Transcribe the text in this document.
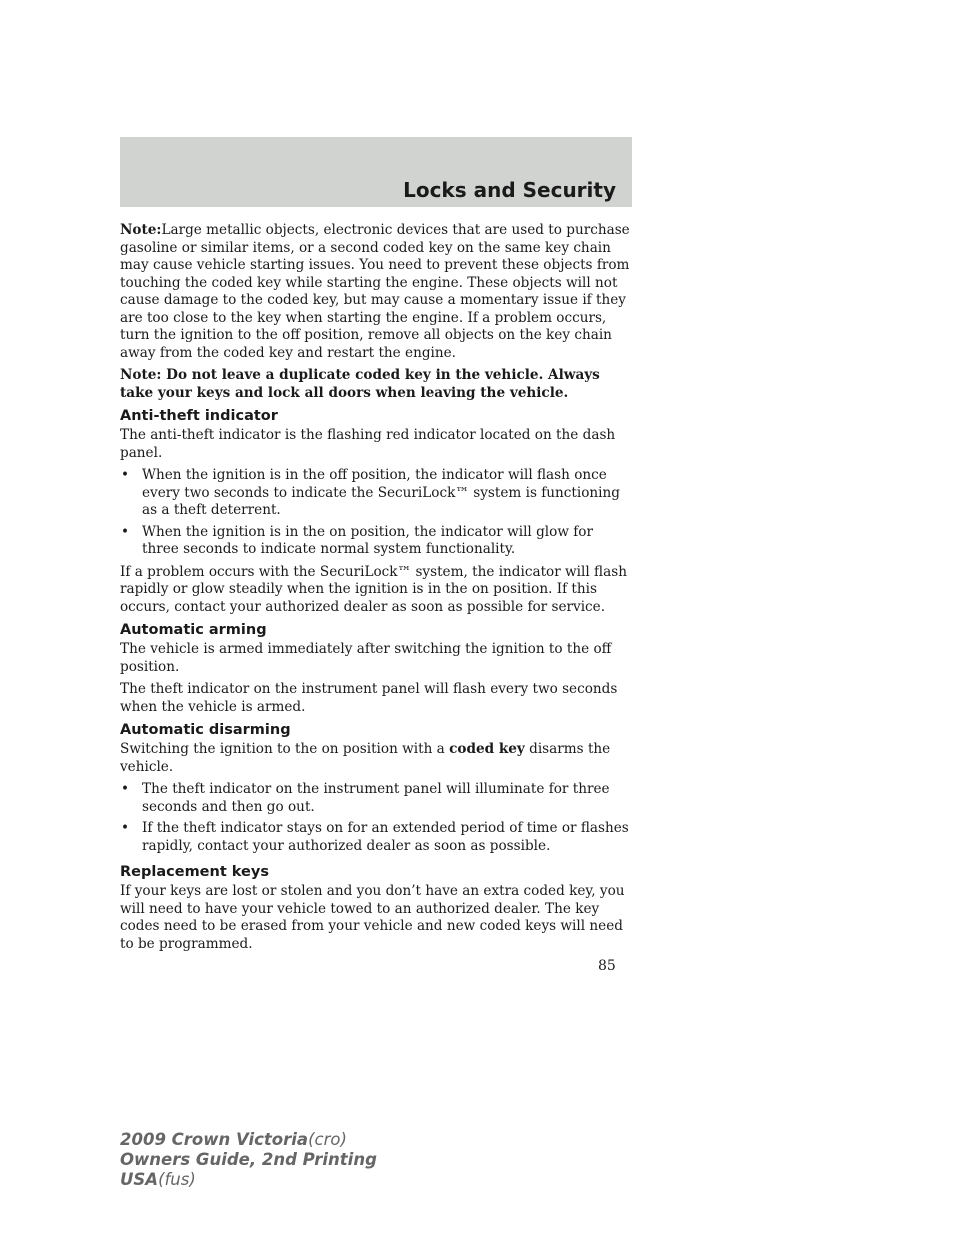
Locks and Security

Note:Large metallic objects, electronic devices that are used to purchase gasoline or similar items, or a second coded key on the same key chain may cause vehicle starting issues. You need to prevent these objects from touching the coded key while starting the engine. These objects will not cause damage to the coded key, but may cause a momentary issue if they are too close to the key when starting the engine. If a problem occurs, turn the ignition to the off position, remove all objects on the key chain away from the coded key and restart the engine.

Note: Do not leave a duplicate coded key in the vehicle. Always take your keys and lock all doors when leaving the vehicle.

Anti-theft indicator

The anti-theft indicator is the flashing red indicator located on the dash panel.

• When the ignition is in the off position, the indicator will flash once every two seconds to indicate the SecuriLock™ system is functioning as a theft deterrent.
• When the ignition is in the on position, the indicator will glow for three seconds to indicate normal system functionality.

If a problem occurs with the SecuriLock™ system, the indicator will flash rapidly or glow steadily when the ignition is in the on position. If this occurs, contact your authorized dealer as soon as possible for service.

Automatic arming

The vehicle is armed immediately after switching the ignition to the off position.

The theft indicator on the instrument panel will flash every two seconds when the vehicle is armed.

Automatic disarming

Switching the ignition to the on position with a coded key disarms the vehicle.

• The theft indicator on the instrument panel will illuminate for three seconds and then go out.
• If the theft indicator stays on for an extended period of time or flashes rapidly, contact your authorized dealer as soon as possible.
Replacement keys

If your keys are lost or stolen and you don’t have an extra coded key, you will need to have your vehicle towed to an authorized dealer. The key codes need to be erased from your vehicle and new coded keys will need to be programmed.

85
2009 Crown Victoria(cro)
Owners Guide, 2nd Printing
USA(fus)
